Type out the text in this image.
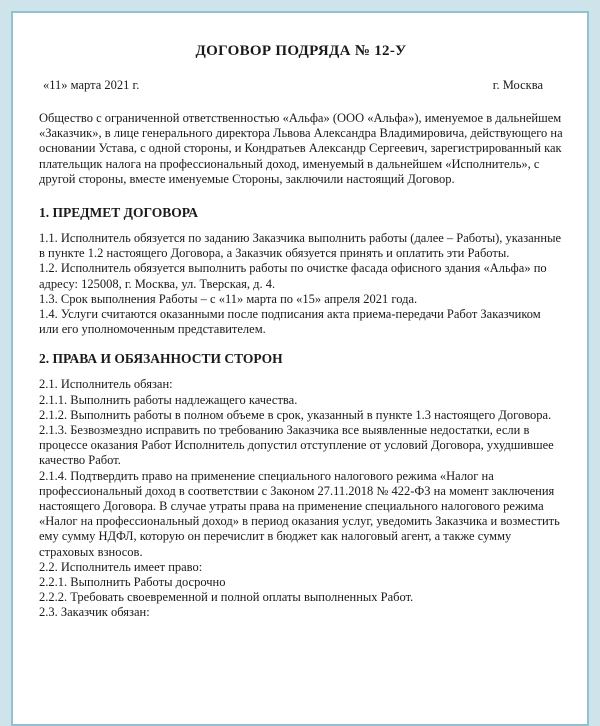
ДОГОВОР ПОДРЯДА № 12-У
«11» марта 2021 г.	г. Москва

Общество с ограниченной ответственностью «Альфа» (ООО «Альфа»), именуемое в дальнейшем «Заказчик», в лице генерального директора Львова Александра Владимировича, действующего на основании Устава, с одной стороны, и Кондратьев Александр Сергеевич, зарегистрированный как плательщик налога на профессиональный доход, именуемый в дальнейшем «Исполнитель», с другой стороны, вместе именуемые Стороны, заключили настоящий Договор.

1. ПРЕДМЕТ ДОГОВОРА

1.1. Исполнитель обязуется по заданию Заказчика выполнить работы (далее – Работы), указанные в пункте 1.2 настоящего Договора, а Заказчик обязуется принять и оплатить эти Работы.

1.2. Исполнитель обязуется выполнить работы по очистке фасада офисного здания «Альфа» по адресу: 125008, г. Москва, ул. Тверская, д. 4.

1.3. Срок выполнения Работы – с «11» марта по «15» апреля 2021 года.

1.4. Услуги считаются оказанными после подписания акта приема-передачи Работ Заказчиком

или его уполномоченным представителем.

2. ПРАВА И ОБЯЗАННОСТИ СТОРОН

2.1. Исполнитель обязан:

2.1.1. Выполнить работы надлежащего качества.

2.1.2. Выполнить работы в полном объеме в срок, указанный в пункте 1.3 настоящего Договора.

2.1.3. Безвозмездно исправить по требованию Заказчика все выявленные недостатки, если в процессе оказания Работ Исполнитель допустил отступление от условий Договора, ухудшившее качество Работ.

2.1.4. Подтвердить право на применение специального налогового режима «Налог на профессиональный доход в соответствии с Законом 27.11.2018 № 422-ФЗ на момент заключения настоящего Договора. В случае утраты права на применение специального налогового режима «Налог на профессиональный доход» в период оказания услуг, уведомить Заказчика и возместить ему сумму НДФЛ, которую он перечислит в бюджет как налоговый агент, а также сумму страховых взносов.

2.2. Исполнитель имеет право:

2.2.1. Выполнить Работы досрочно

2.2.2. Требовать своевременной и полной оплаты выполненных Работ.

2.3. Заказчик обязан:
